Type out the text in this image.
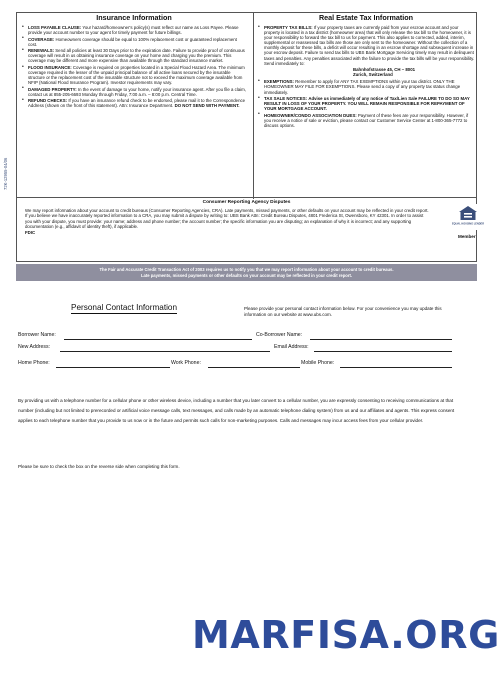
72K-12955-04/06
Insurance Information
• LOSS PAYABLE CLAUSE: Your hazard/homeowner's policy(s) must reflect our name as Loss Payee. Please provide your account number to your agent for timely payment for future billings.
• COVERAGE: Homeowners coverage should be equal to 100% replacement cost or guaranteed replacement cost.
• RENEWALS: Send all policies at least 30 Days prior to the expiration date. Failure to provide proof of continuous coverage will result in us obtaining insurance coverage on your home and charging you the premium. This coverage may be different and more expensive than available through the standard insurance market.
• FLOOD INSURANCE: Coverage is required on properties located in a Special Flood Hazard Area. The minimum coverage required is the lesser of the unpaid principal balance of all active loans secured by the insurable structure or the replacement cost of the insurable structure not to exceed the maximum coverage available from NFIP (National Flood Insurance Program). Investor requirements may vary.
• DAMAGED PROPERTY: In the event of damage to your home, notify your insurance agent. After you file a claim, contact us at 855-205-6693 Monday through Friday, 7:00 a.m. – 8:00 p.m. Central Time.
• REFUND CHECKS: If you have an insurance refund check to be endorsed, please mail it to the Correspondence Address (shown on the front of this statement). Attn: Insurance Department. DO NOT SEND WITH PAYMENT.
Real Estate Tax Information
• PROPERTY TAX BILLS: If your property taxes are currently paid from your escrow account and your property is located in a tax district (homeowner area) that will only release the tax bill to the homeowner, it is your responsibility to forward the tax bill to us for payment. This also applies to corrected, added, interim, supplemental or reassessed tax bills are those are only sent to the homeowner. Without the collection of a monthly deposit for these bills, a deficit will occur resulting in an escrow shortage and subsequent increase in your escrow deposit. Failure to send tax bills to UBS Bank Mortgage Servicing timely may result in delinquent taxes and penalties. Any penalties associated with the failure to provide the tax bills will be your responsibility. Send immediately to:
Bahnhofstrasse 45, CH – 8001
Zurich, Switzerland
• EXEMPTIONS: Remember to apply for ANY TAX EXEMPTIONS within your tax district. ONLY THE HOMEOWNER MAY FILE FOR EXEMPTIONS. Please send a copy of any property tax status change immediately.
• TAX SALE NOTICES: Advise us immediately of any notice of Tax/Lien Sale FAILURE TO DO SO MAY RESULT IN LOSS OF YOUR PROPERTY. YOU WILL REMAIN RESPONSIBLE FOR REPAYMENT OF YOUR MORTGAGE ACCOUNT.
• HOMEOWNER/CONDO ASSOCIATION DUES: Payment of these fees are your responsibility. However, if you receive a notice of sale or eviction, please contact our Customer Service Center at 1-800-365-7772 to discuss options.
Consumer Reporting Agency Disputes
We may report information about your account to credit bureaus (Consumer Reporting Agencies, CRA). Late payments, missed payments, or other defaults on your account may be reflected in your credit report. If you believe we have inaccurately reported information to a CRA, you may submit a dispute by writing to: UBS Bank Attn: Credit Bureau Disputes, 4801 Frederica St, Owensboro, KY 42301. In order to assist you with your dispute, you must provide: your name; address and phone number; the account number; the specific information you are disputing; an explanation of why it is incorrect; and any supporting documentation (e.g., affidavit of identity theft), if applicable.
FDIC
EQUAL HOUSING LENDER
Member
The Fair and Accurate Credit Transaction Act of 2003 requires us to notify you that we may report information about your account to credit bureaus.
Late payments, missed payments or other defaults on your account may be reflected in your credit report.
Personal Contact Information	Please provide your personal contact information below. For your convenience you may update this information on our website at www.ubs.com.
Borrower Name:	Co-Borrower Name:
New Address:	Email Address:
Home Phone:	Work Phone:	Mobile Phone:
By providing us with a telephone number for a cellular phone or other wireless device, including a number that you later convert to a cellular number, you are expressly consenting to receiving communications at that number (including but not limited to prerecorded or artificial voice message calls, text messages, and calls made by an automatic telephone dialing system) from us and our affiliates and agents. This express consent applies to each telephone number that you provide to us now or in the future and permits such calls for non-marketing purposes. Calls and messages may incur access fees from your cellular provider.
Please be sure to check the box on the reverse side when completing this form.
MARFISA.ORG
